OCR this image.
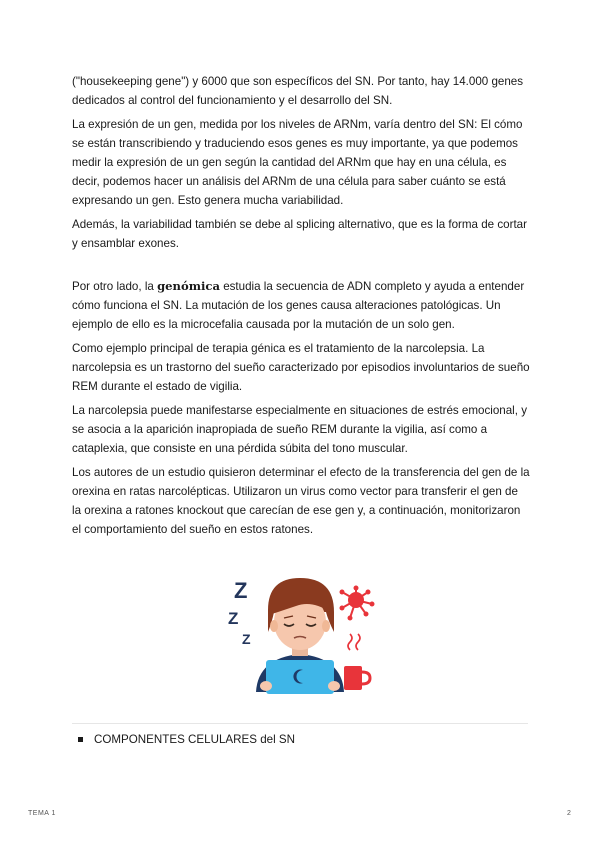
("housekeeping gene") y 6000 que son específicos del SN. Por tanto, hay 14.000 genes dedicados al control del funcionamiento y el desarrollo del SN.

La expresión de un gen, medida por los niveles de ARNm, varía dentro del SN: El cómo se están transcribiendo y traduciendo esos genes es muy importante, ya que podemos medir la expresión de un gen según la cantidad del ARNm que hay en una célula, es decir, podemos hacer un análisis del ARNm de una célula para saber cuánto se está expresando un gen. Esto genera mucha variabilidad.

Además, la variabilidad también se debe al splicing alternativo, que es la forma de cortar y ensamblar exones.

Por otro lado, la genómica estudia la secuencia de ADN completo y ayuda a entender cómo funciona el SN. La mutación de los genes causa alteraciones patológicas. Un ejemplo de ello es la microcefalia causada por la mutación de un solo gen.

Como ejemplo principal de terapia génica es el tratamiento de la narcolepsia. La narcolepsia es un trastorno del sueño caracterizado por episodios involuntarios de sueño REM durante el estado de vigilia.

La narcolepsia puede manifestarse especialmente en situaciones de estrés emocional, y se asocia a la aparición inapropiada de sueño REM durante la vigilia, así como a cataplexia, que consiste en una pérdida súbita del tono muscular.

Los autores de un estudio quisieron determinar el efecto de la transferencia del gen de la orexina en ratas narcolépticas. Utilizaron un virus como vector para transferir el gen de la orexina a ratones knockout que carecían de ese gen y, a continuación, monitorizaron el comportamiento del sueño en estos ratones.

Z
Z
Z
COMPONENTES CELULARES del SN
TEMA 1	2
